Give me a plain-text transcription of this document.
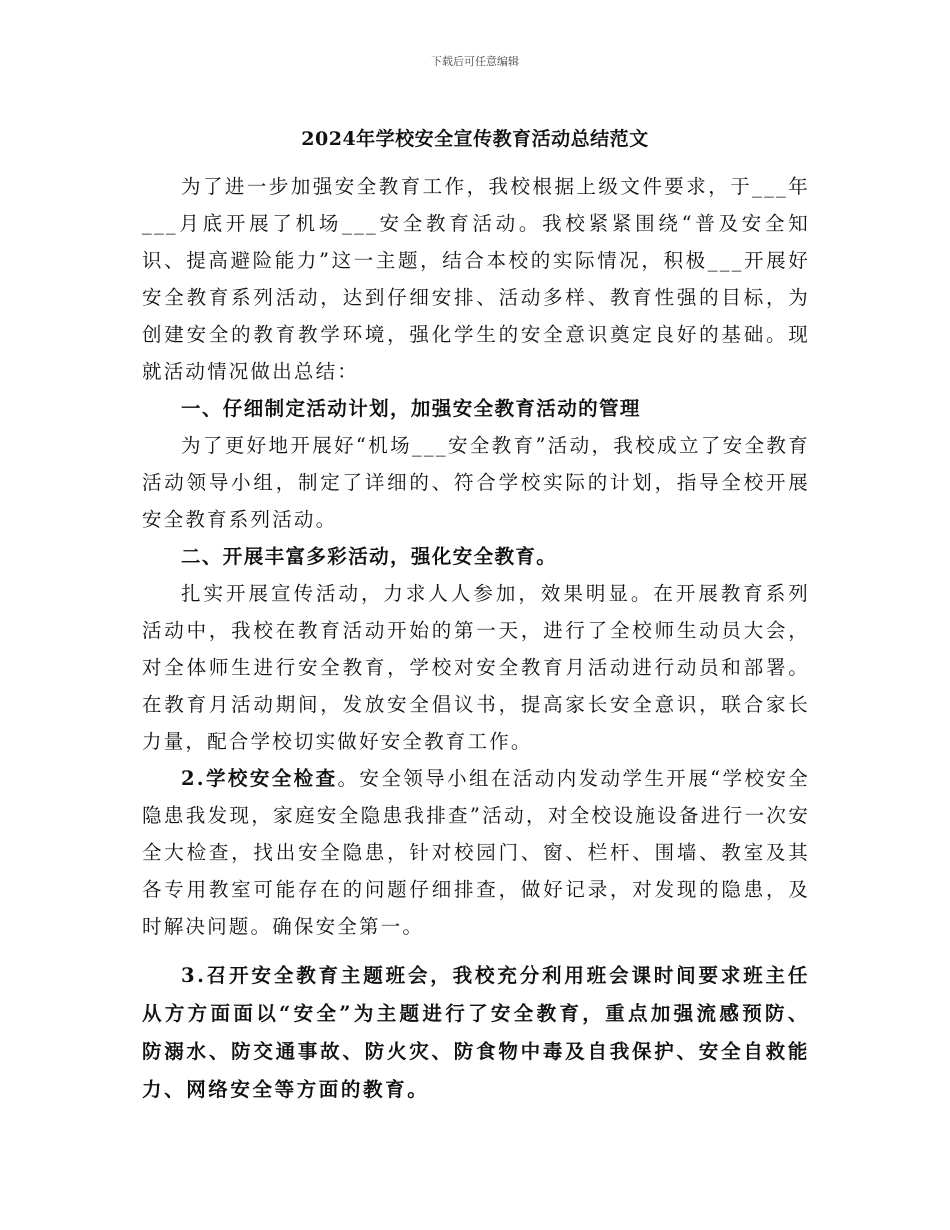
下载后可任意编辑
2024年学校安全宣传教育活动总结范文

为了进一步加强安全教育工作，我校根据上级文件要求，于___年___月底开展了机场___安全教育活动。我校紧紧围绕“普及安全知识、提高避险能力”这一主题，结合本校的实际情况，积极___开展好安全教育系列活动，达到仔细安排、活动多样、教育性强的目标，为创建安全的教育教学环境，强化学生的安全意识奠定良好的基础。现就活动情况做出总结：

一、仔细制定活动计划，加强安全教育活动的管理

为了更好地开展好“机场___安全教育”活动，我校成立了安全教育活动领导小组，制定了详细的、符合学校实际的计划，指导全校开展安全教育系列活动。

二、开展丰富多彩活动，强化安全教育。

扎实开展宣传活动，力求人人参加，效果明显。在开展教育系列活动中，我校在教育活动开始的第一天，进行了全校师生动员大会，对全体师生进行安全教育，学校对安全教育月活动进行动员和部署。在教育月活动期间，发放安全倡议书，提高家长安全意识，联合家长力量，配合学校切实做好安全教育工作。

2.学校安全检查。安全领导小组在活动内发动学生开展“学校安全隐患我发现，家庭安全隐患我排查”活动，对全校设施设备进行一次安全大检查，找出安全隐患，针对校园门、窗、栏杆、围墙、教室及其各专用教室可能存在的问题仔细排查，做好记录，对发现的隐患，及时解决问题。确保安全第一。

3.召开安全教育主题班会，我校充分利用班会课时间要求班主任从方方面面以“安全”为主题进行了安全教育，重点加强流感预防、防溺水、防交通事故、防火灾、防食物中毒及自我保护、安全自救能力、网络安全等方面的教育。
